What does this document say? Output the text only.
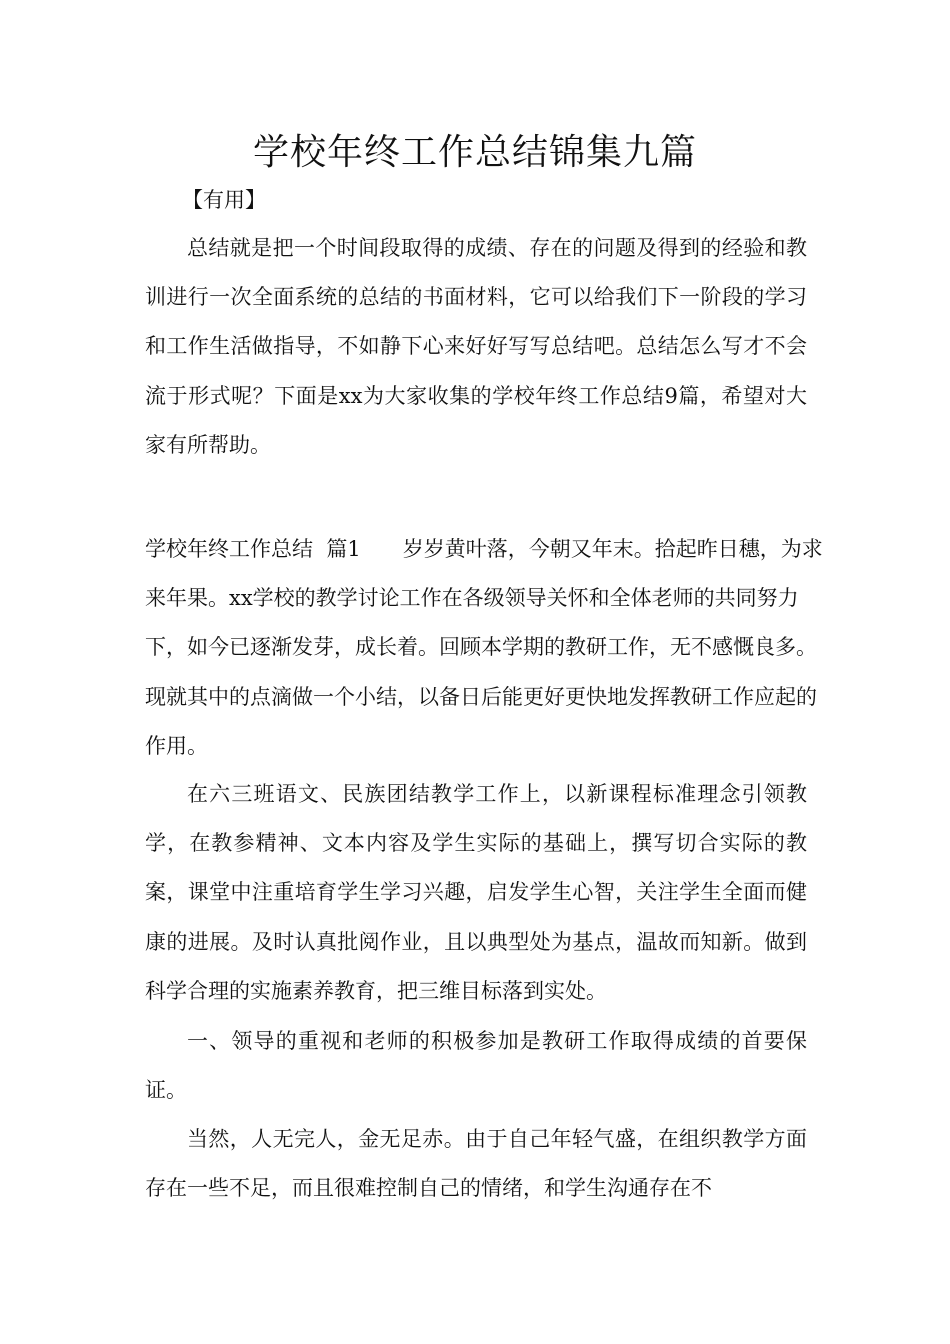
学校年终工作总结锦集九篇

【有用】

总结就是把一个时间段取得的成绩、存在的问题及得到的经验和教训进行一次全面系统的总结的书面材料，它可以给我们下一阶段的学习和工作生活做指导，不如静下心来好好写写总结吧。总结怎么写才不会流于形式呢？下面是xx为大家收集的学校年终工作总结9篇，希望对大家有所帮助。

学校年终工作总结  篇1 岁岁黄叶落，今朝又年末。拾起昨日穗，为求来年果。xx学校的教学讨论工作在各级领导关怀和全体老师的共同努力下，如今已逐渐发芽，成长着。回顾本学期的教研工作，无不感慨良多。现就其中的点滴做一个小结，以备日后能更好更快地发挥教研工作应起的作用。

在六三班语文、民族团结教学工作上，以新课程标准理念引领教学，在教参精神、文本内容及学生实际的基础上，撰写切合实际的教案，课堂中注重培育学生学习兴趣，启发学生心智，关注学生全面而健康的进展。及时认真批阅作业，且以典型处为基点，温故而知新。做到科学合理的实施素养教育，把三维目标落到实处。

一、领导的重视和老师的积极参加是教研工作取得成绩的首要保证。

当然，人无完人，金无足赤。由于自己年轻气盛，在组织教学方面存在一些不足，而且很难控制自己的情绪，和学生沟通存在不
